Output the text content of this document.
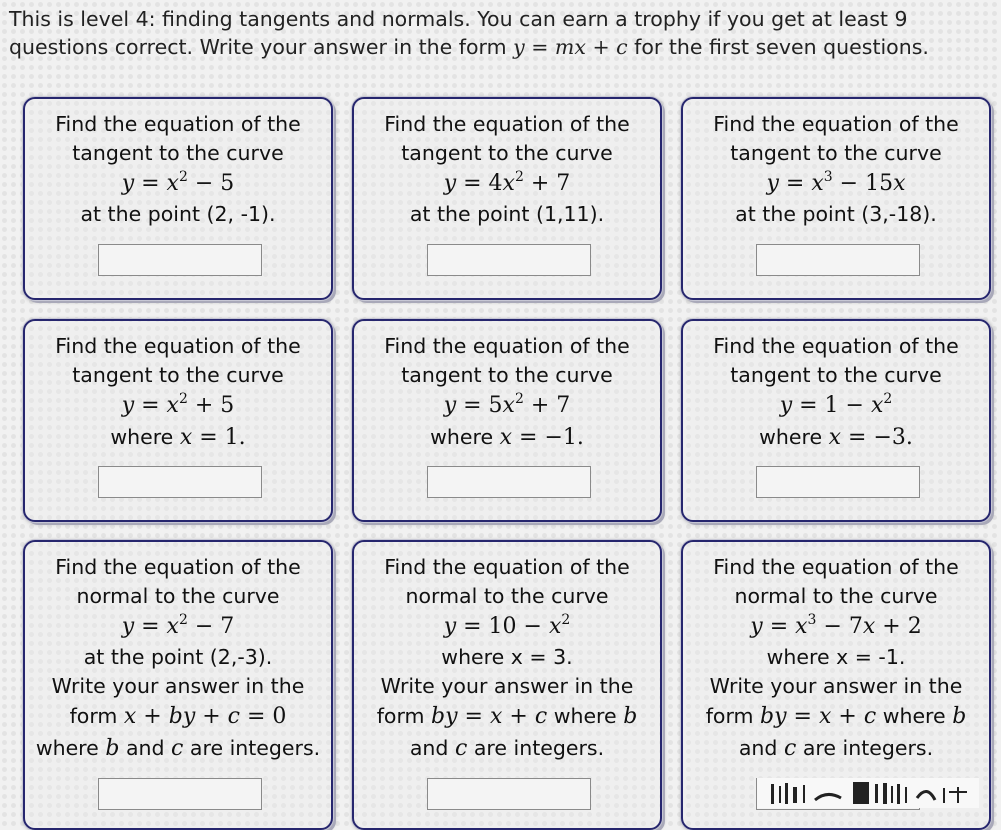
This is level 4: finding tangents and normals. You can earn a trophy if you get at least 9
questions correct. Write your answer in the form y = mx + c for the first seven questions.
Find the equation of the
tangent to the curve
$y = x^2 - 5$
at the point (2, -1).
Find the equation of the
tangent to the curve
$y = 4x^2 + 7$
at the point (1,11).
Find the equation of the
tangent to the curve
$y = x^3 - 15x$
at the point (3,-18).
Find the equation of the
tangent to the curve
$y = x^2 + 5$
where x = 1.
Find the equation of the
tangent to the curve
$y = 5x^2 + 7$
where x = −1.
Find the equation of the
tangent to the curve
$y = 1 - x^2$
where x = −3.
Find the equation of the
normal to the curve
$y = x^2 - 7$
at the point (2,-3).
Write your answer in the
form x + by + c = 0
where b and c are integers.
Find the equation of the
normal to the curve
$y = 10 - x^2$
where x = 3.
Write your answer in the
form by = x + c where b
and c are integers.
Find the equation of the
normal to the curve
$y = x^3 - 7x + 2$
where x = -1.
Write your answer in the
form by = x + c where b
and c are integers.
